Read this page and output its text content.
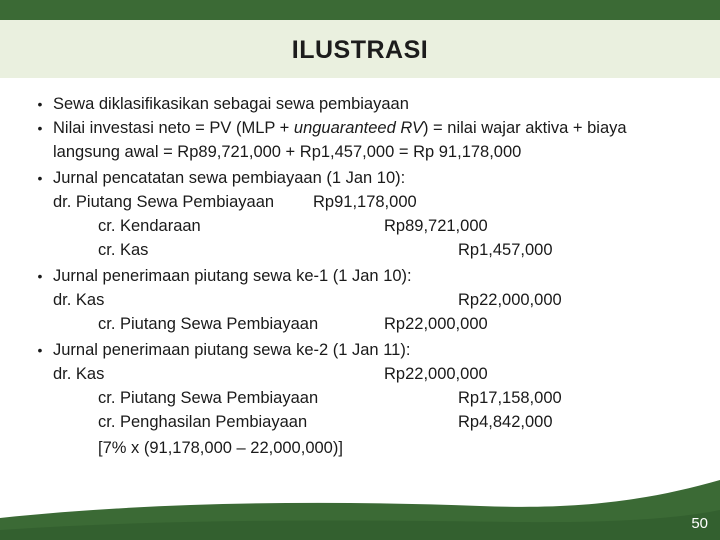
ILUSTRASI
• Sewa diklasifikasikan sebagai sewa pembiayaan
• Nilai investasi neto = PV (MLP + unguaranteed RV) = nilai wajar aktiva + biaya
langsung awal = Rp89,721,000 + Rp1,457,000 = Rp 91,178,000
• Jurnal pencatatan sewa pembiayaan (1 Jan 10):
dr. Piutang Sewa Pembiayaan Rp91,178,000
cr. Kendaraan	Rp89,721,000
cr. Kas	Rp1,457,000
• Jurnal penerimaan piutang sewa ke-1 (1 Jan 10):
dr. Kas	Rp22,000,000
cr. Piutang Sewa Pembiayaan	Rp22,000,000
• Jurnal penerimaan piutang sewa ke-2 (1 Jan 11):
dr. Kas	Rp22,000,000
cr. Piutang Sewa Pembiayaan	Rp17,158,000
cr. Penghasilan Pembiayaan	Rp4,842,000
[7% x (91,178,000 – 22,000,000)]
50
